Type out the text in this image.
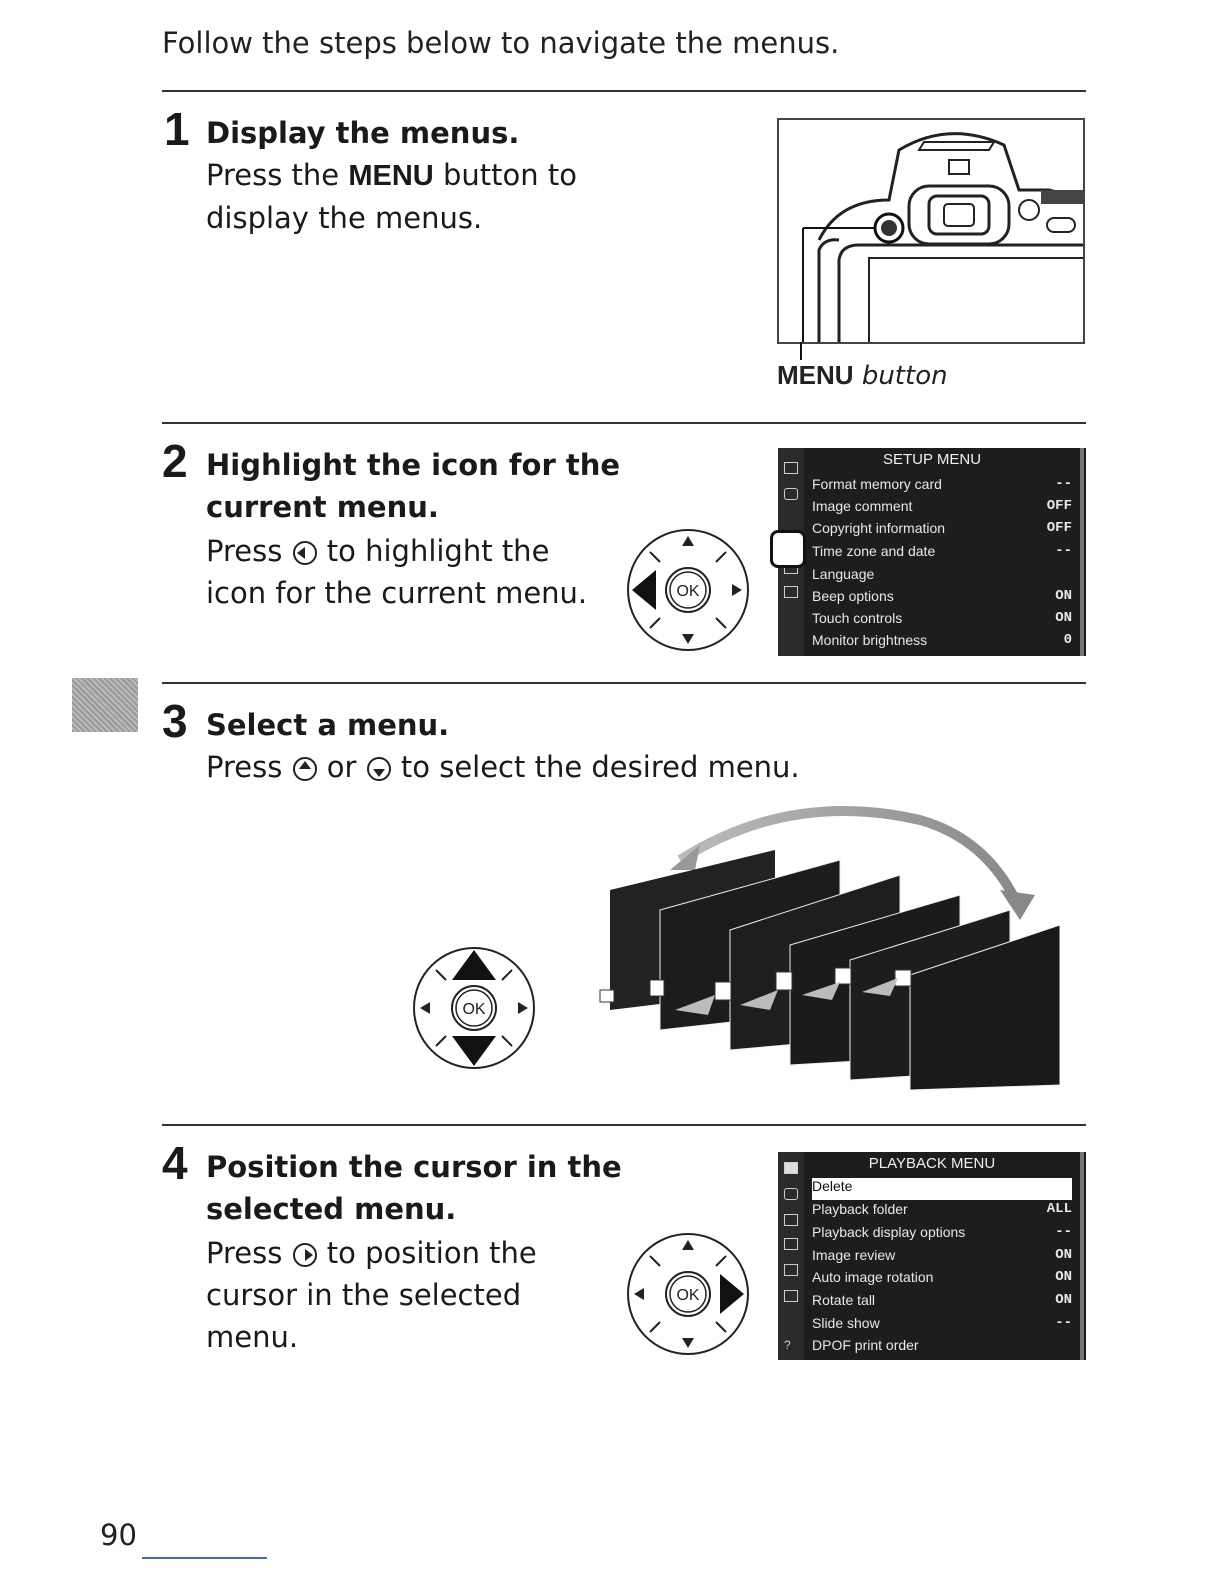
Follow the steps below to navigate the menus.
1 Display the menus.
Press the MENU button to
display the menus.
MENU button
2 Highlight the icon for the
current menu.
Press  to highlight the
icon for the current menu.	OK
SETUP MENU
Format memory card	--
Image comment	OFF
Copyright information	OFF
Time zone and date	--
Language
Beep options	ON
Touch controls	ON
Monitor brightness	0
3 Select a menu.
Press  or  to select the desired menu.
OK
4 Position the cursor in the
selected menu.
Press  to position the
cursor in the selected
menu.
OK
?
PLAYBACK MENU
Delete
Playback folder	ALL
Playback display options	--
Image review	ON
Auto image rotation	ON
Rotate tall	ON
Slide show	--
DPOF print order
90
